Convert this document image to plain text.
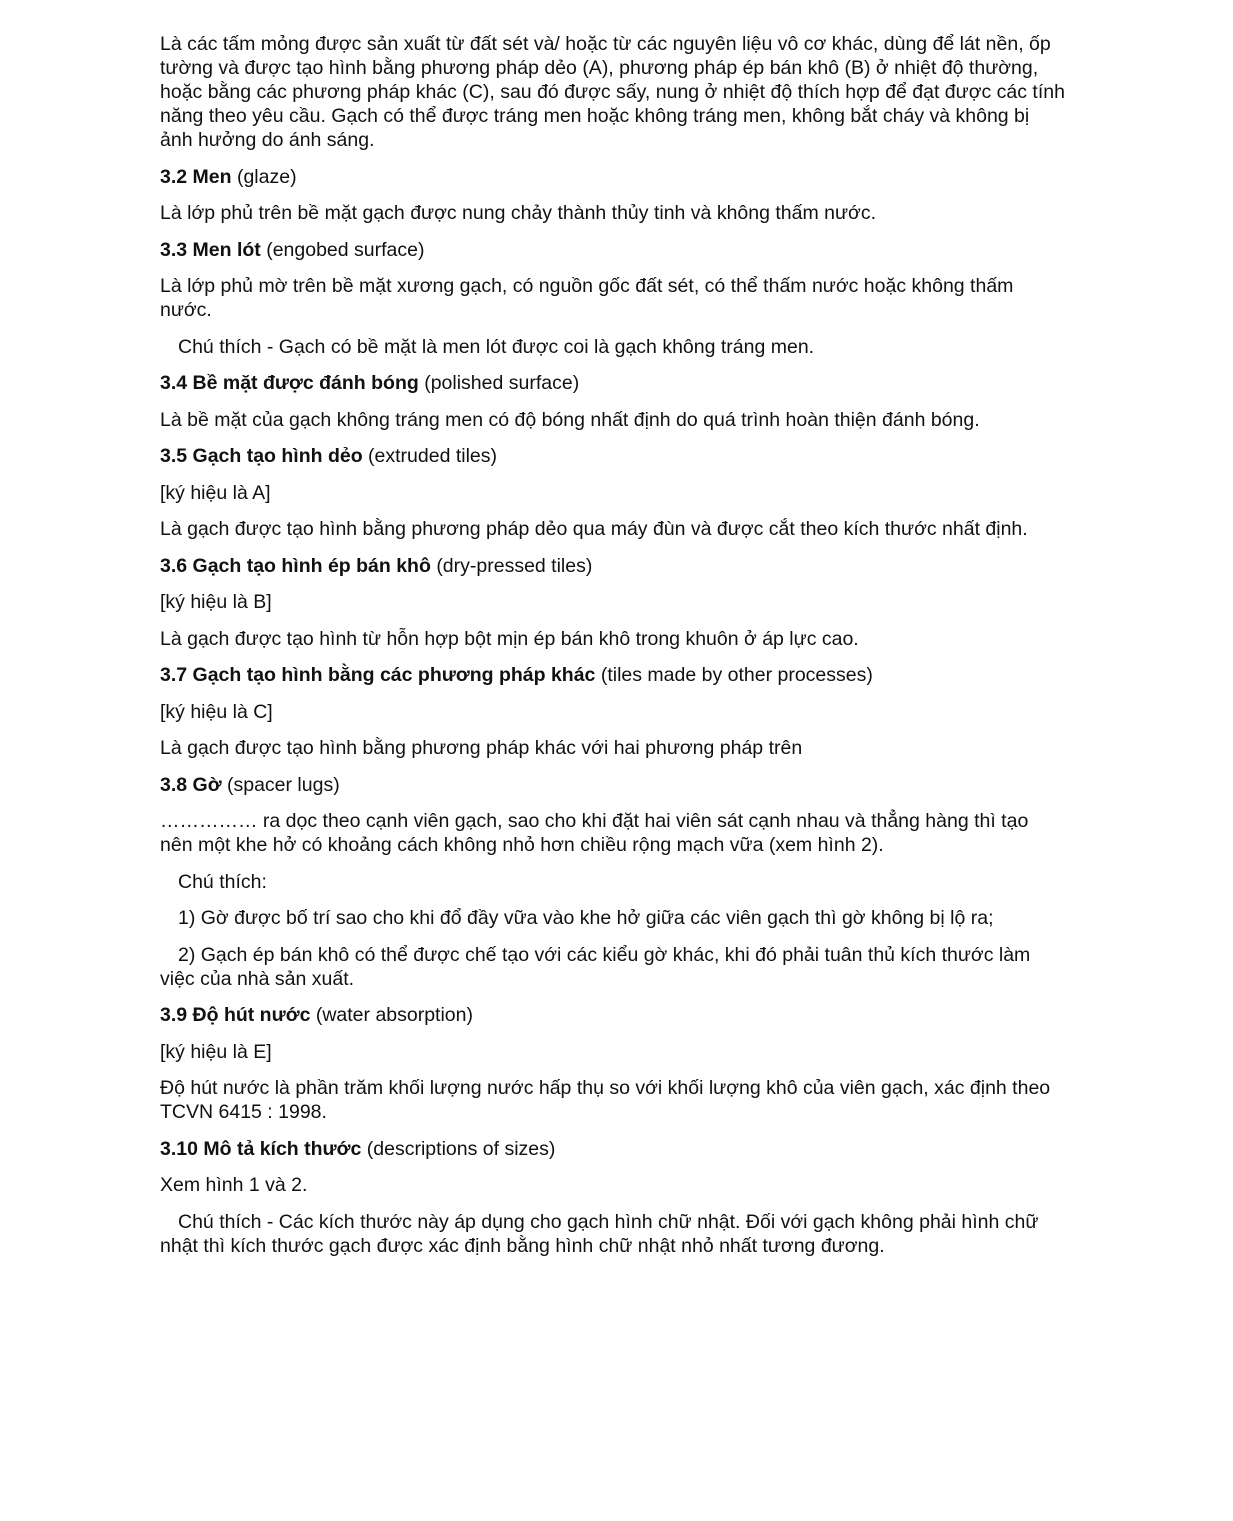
Là các tấm mỏng được sản xuất từ đất sét và/ hoặc từ các nguyên liệu vô cơ khác, dùng để lát nền, ốp tường và được tạo hình bằng phương pháp dẻo (A), phương pháp ép bán khô (B) ở nhiệt độ thường, hoặc bằng các phương pháp khác (C), sau đó được sấy, nung ở nhiệt độ thích hợp để đạt được các tính năng theo yêu cầu. Gạch có thể được tráng men hoặc không tráng men, không bắt cháy và không bị ảnh hưởng do ánh sáng.

3.2 Men (glaze)

Là lớp phủ trên bề mặt gạch được nung chảy thành thủy tinh và không thấm nước.

3.3 Men lót (engobed surface)

Là lớp phủ mờ trên bề mặt xương gạch, có nguồn gốc đất sét, có thể thấm nước hoặc không thấm nước.

Chú thích - Gạch có bề mặt là men lót được coi là gạch không tráng men.

3.4 Bề mặt được đánh bóng (polished surface)

Là bề mặt của gạch không tráng men có độ bóng nhất định do quá trình hoàn thiện đánh bóng.

3.5 Gạch tạo hình dẻo (extruded tiles)

[ký hiệu là A]

Là gạch được tạo hình bằng phương pháp dẻo qua máy đùn và được cắt theo kích thước nhất định.

3.6 Gạch tạo hình ép bán khô (dry-pressed tiles)

[ký hiệu là B]

Là gạch được tạo hình từ hỗn hợp bột mịn ép bán khô trong khuôn ở áp lực cao.

3.7 Gạch tạo hình bằng các phương pháp khác (tiles made by other processes)

[ký hiệu là C]

Là gạch được tạo hình bằng phương pháp khác với hai phương pháp trên

3.8 Gờ (spacer lugs)

…………… ra dọc theo cạnh viên gạch, sao cho khi đặt hai viên sát cạnh nhau và thẳng hàng thì tạo nên một khe hở có khoảng cách không nhỏ hơn chiều rộng mạch vữa (xem hình 2).

Chú thích:

1) Gờ được bố trí sao cho khi đổ đầy vữa vào khe hở giữa các viên gạch thì gờ không bị lộ ra;

2) Gạch ép bán khô có thể được chế tạo với các kiểu gờ khác, khi đó phải tuân thủ kích thước làm việc của nhà sản xuất.

3.9 Độ hút nước (water absorption)

[ký hiệu là E]

Độ hút nước là phần trăm khối lượng nước hấp thụ so với khối lượng khô của viên gạch, xác định theo TCVN 6415 : 1998.

3.10 Mô tả kích thước (descriptions of sizes)

Xem hình 1 và 2.

Chú thích - Các kích thước này áp dụng cho gạch hình chữ nhật. Đối với gạch không phải hình chữ nhật thì kích thước gạch được xác định bằng hình chữ nhật nhỏ nhất tương đương.
